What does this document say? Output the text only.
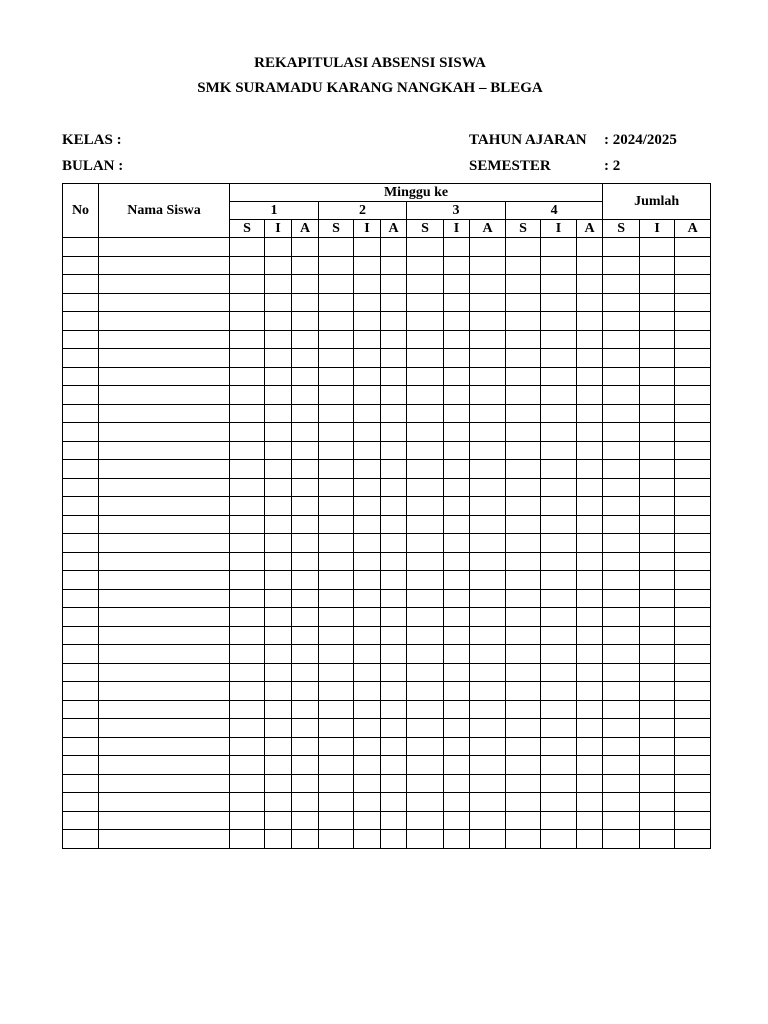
REKAPITULASI ABSENSI SISWA
SMK SURAMADU KARANG NANGKAH – BLEGA
KELAS :
BULAN :
TAHUN AJARAN : 2024/2025
SEMESTER	: 2
No	Nama Siswa	Minggu ke												Jumlah		
		1			2			3			4					
		S	I	A	S	I	A	S	I	A	S	I	A	S	I	A
